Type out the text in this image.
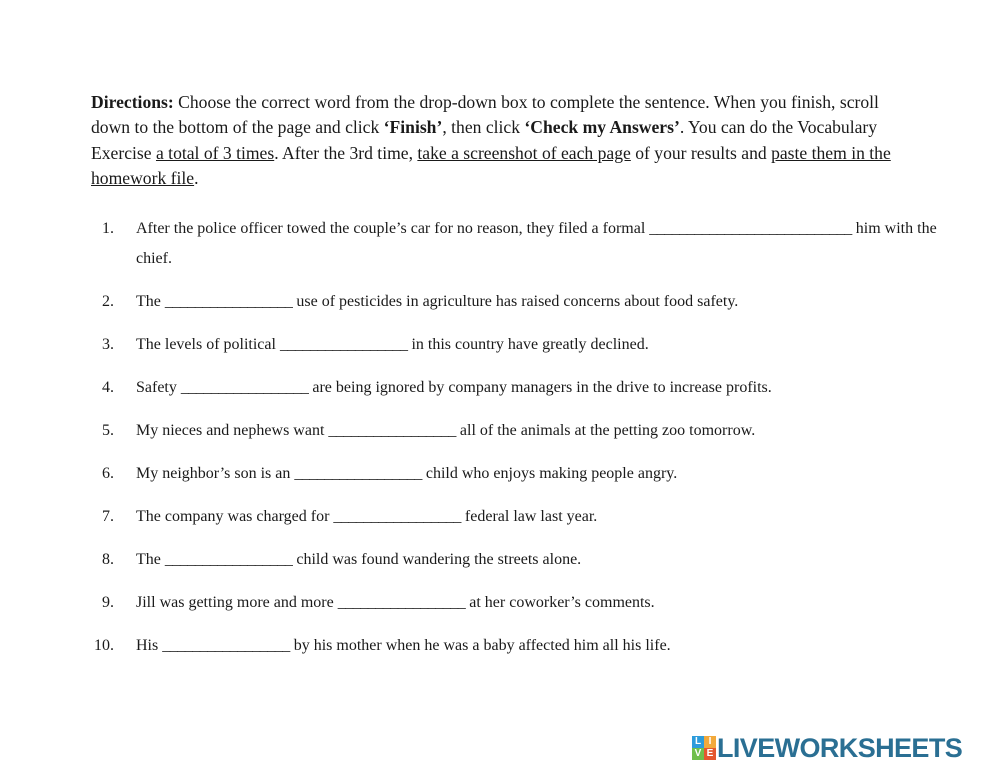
Directions: Choose the correct word from the drop-down box to complete the sentence. When you finish, scroll down to the bottom of the page and click ‘Finish’, then click ‘Check my Answers’. You can do the Vocabulary Exercise a total of 3 times. After the 3rd time, take a screenshot of each page of your results and paste them in the homework file.
1. After the police officer towed the couple’s car for no reason, they filed a formal ___________________________ him with the chief.
2. The _________________ use of pesticides in agriculture has raised concerns about food safety.
3. The levels of political _________________ in this country have greatly declined.
4. Safety _________________ are being ignored by company managers in the drive to increase profits.
5. My nieces and nephews want _________________ all of the animals at the petting zoo tomorrow.
6. My neighbor’s son is an _________________ child who enjoys making people angry.
7. The company was charged for _________________ federal law last year.
8. The _________________ child was found wandering the streets alone.
9. Jill was getting more and more _________________ at her coworker’s comments.
10. His _________________ by his mother when he was a baby affected him all his life.
L I
V E LIVEWORKSHEETS
